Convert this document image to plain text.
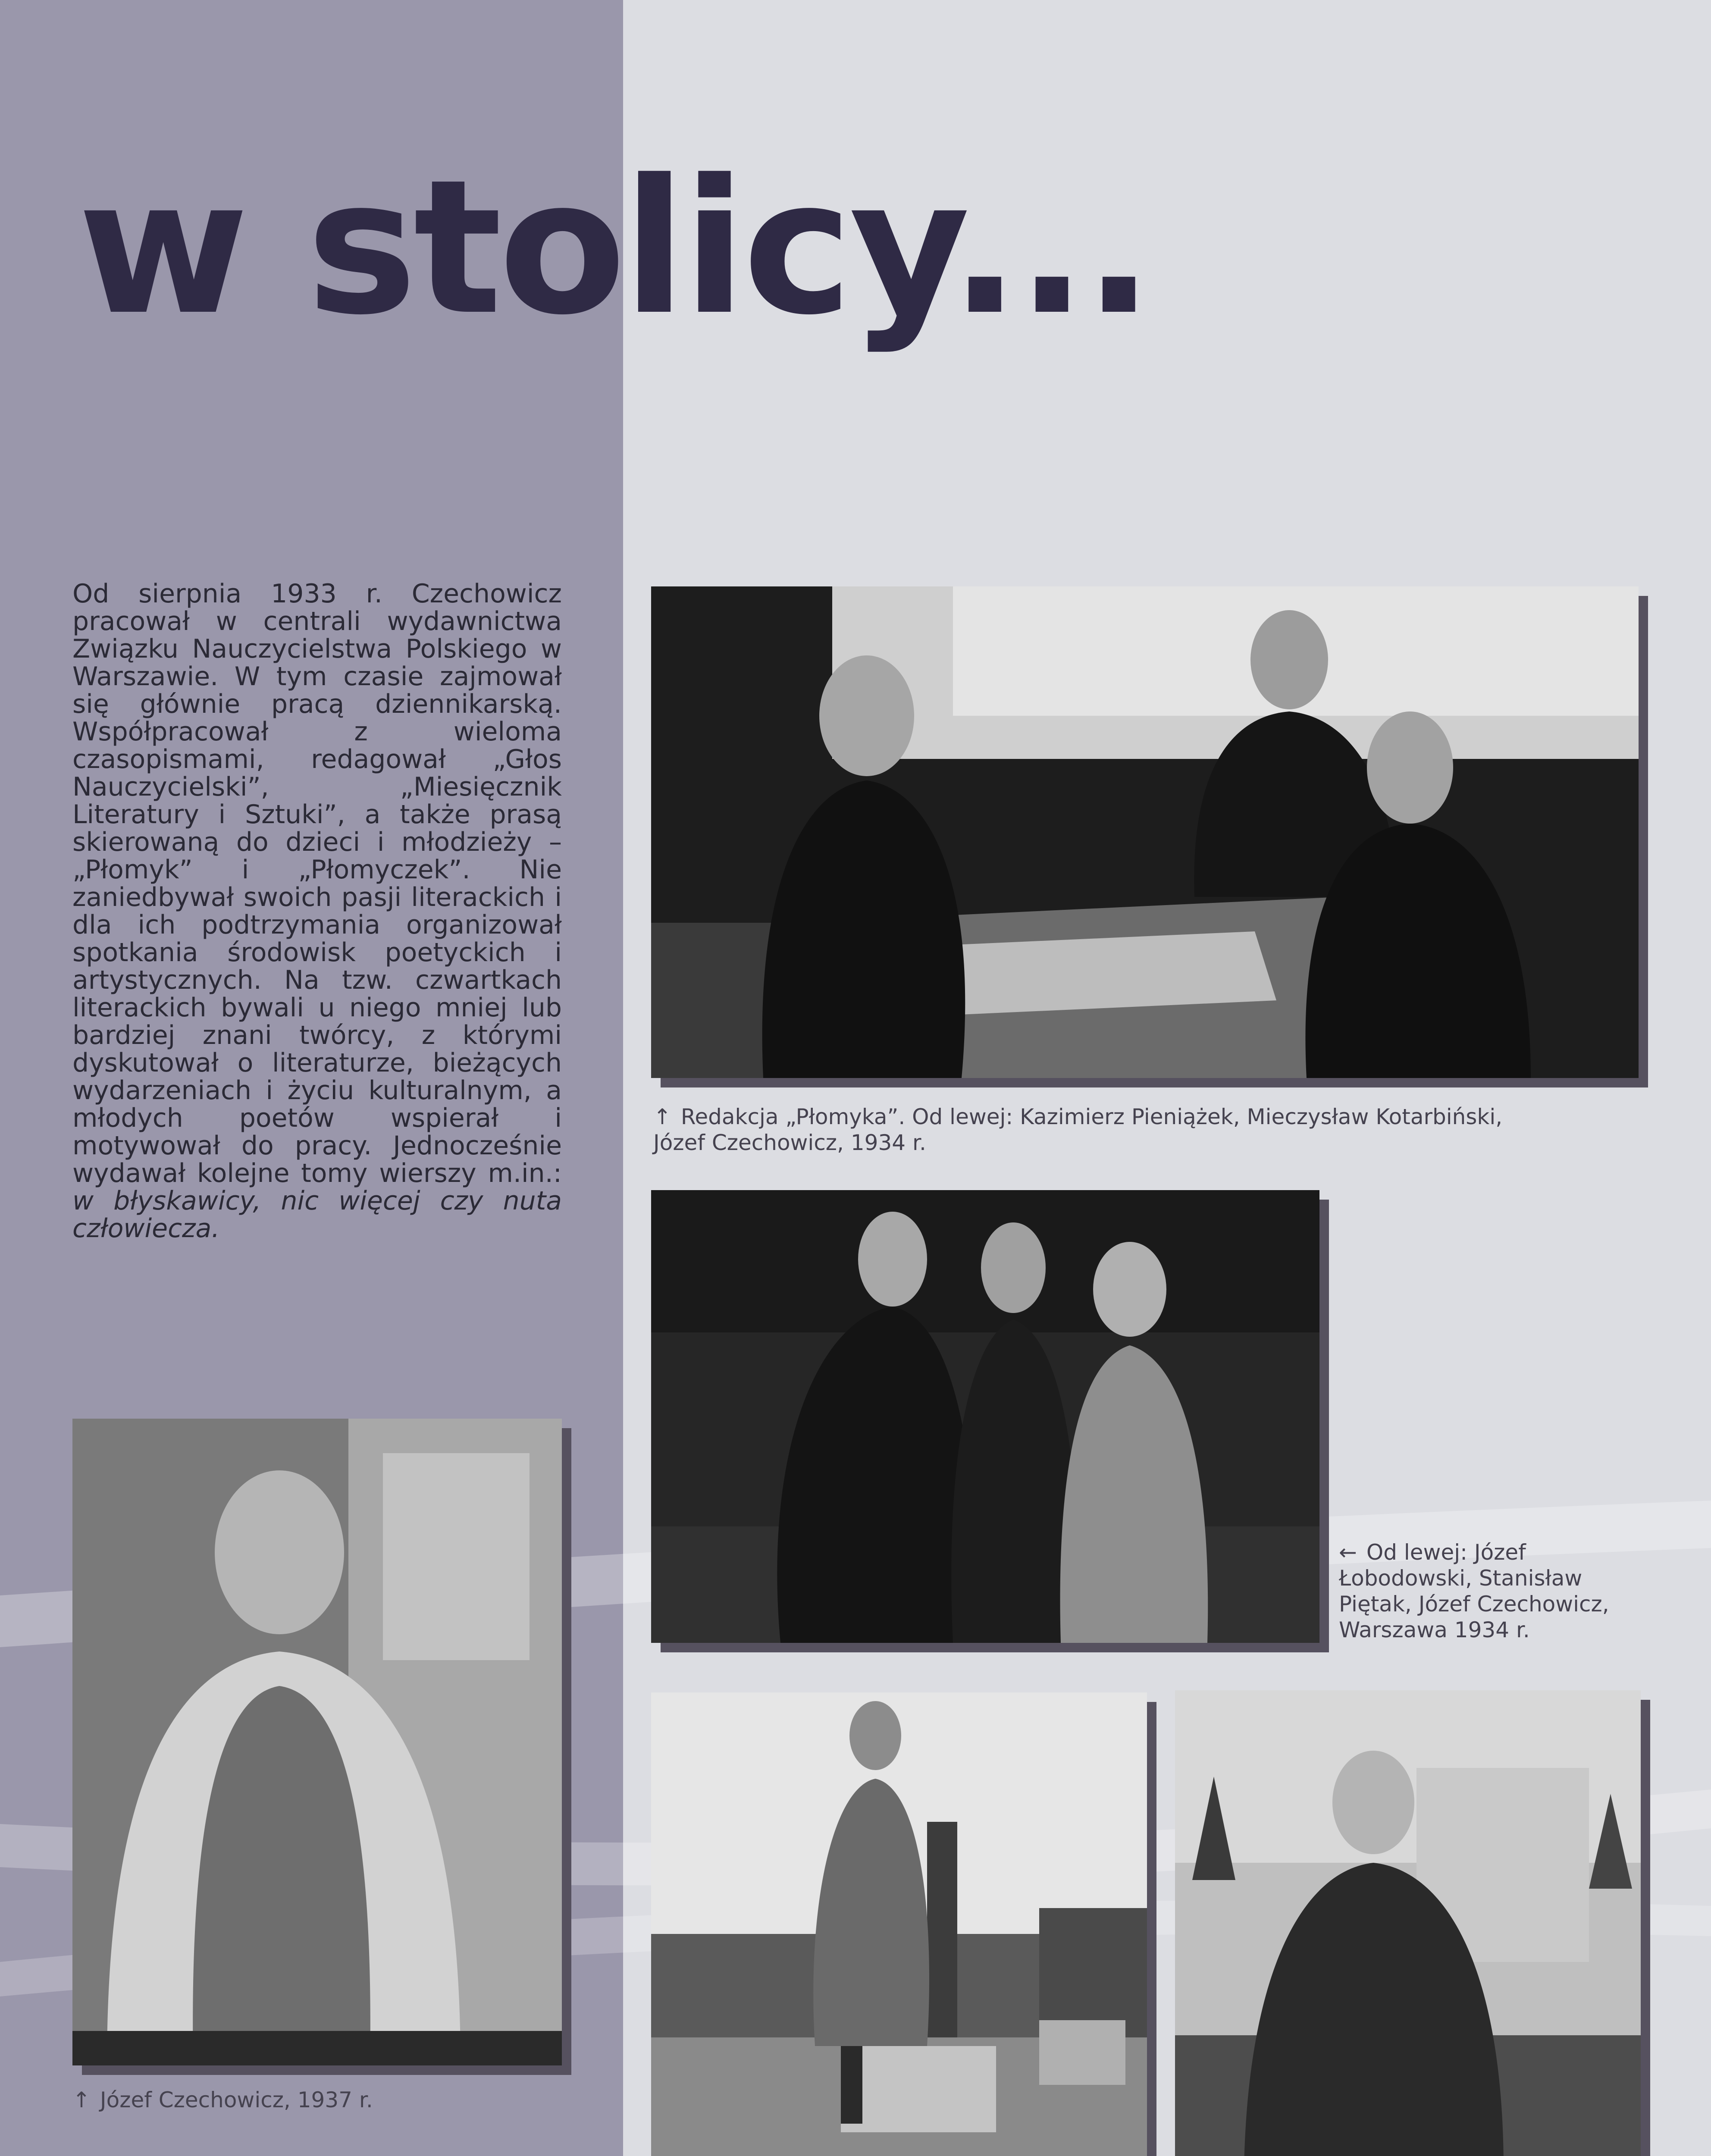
w stolicy...

Od sierpnia 1933 r. Czechowicz pracował w centrali wydawnictwa Związku Nauczycielstwa Polskiego w Warszawie. W tym czasie zajmował się głównie pracą dziennikarską. Współpracował z wieloma czasopismami, redagował „Głos Nauczycielski”, „Miesięcznik Literatury i Sztuki”, a także prasą skierowaną do dzieci i młodzieży – „Płomyk” i „Płomyczek”. Nie zaniedbywał swoich pasji literackich i dla ich podtrzymania organizował spotkania środowisk poetyckich i artystycznych. Na tzw. czwartkach literackich bywali u niego mniej lub bardziej znani twórcy, z którymi dyskutował o literaturze, bieżących wydarzeniach i życiu kulturalnym, a młodych poetów wspierał i motywował do pracy. Jednocześnie wydawał kolejne tomy wierszy m.in.: w błyskawicy, nic więcej czy nuta człowiecza.

↑ Redakcja „Płomyka”. Od lewej: Kazimierz Pieniążek, Mieczysław Kotarbiński, Józef Czechowicz, 1934 r.

← Od lewej: Józef Łobodowski, Stanisław Piętak, Józef Czechowicz, Warszawa 1934 r.

↑ Józef Czechowicz, 1937 r.
